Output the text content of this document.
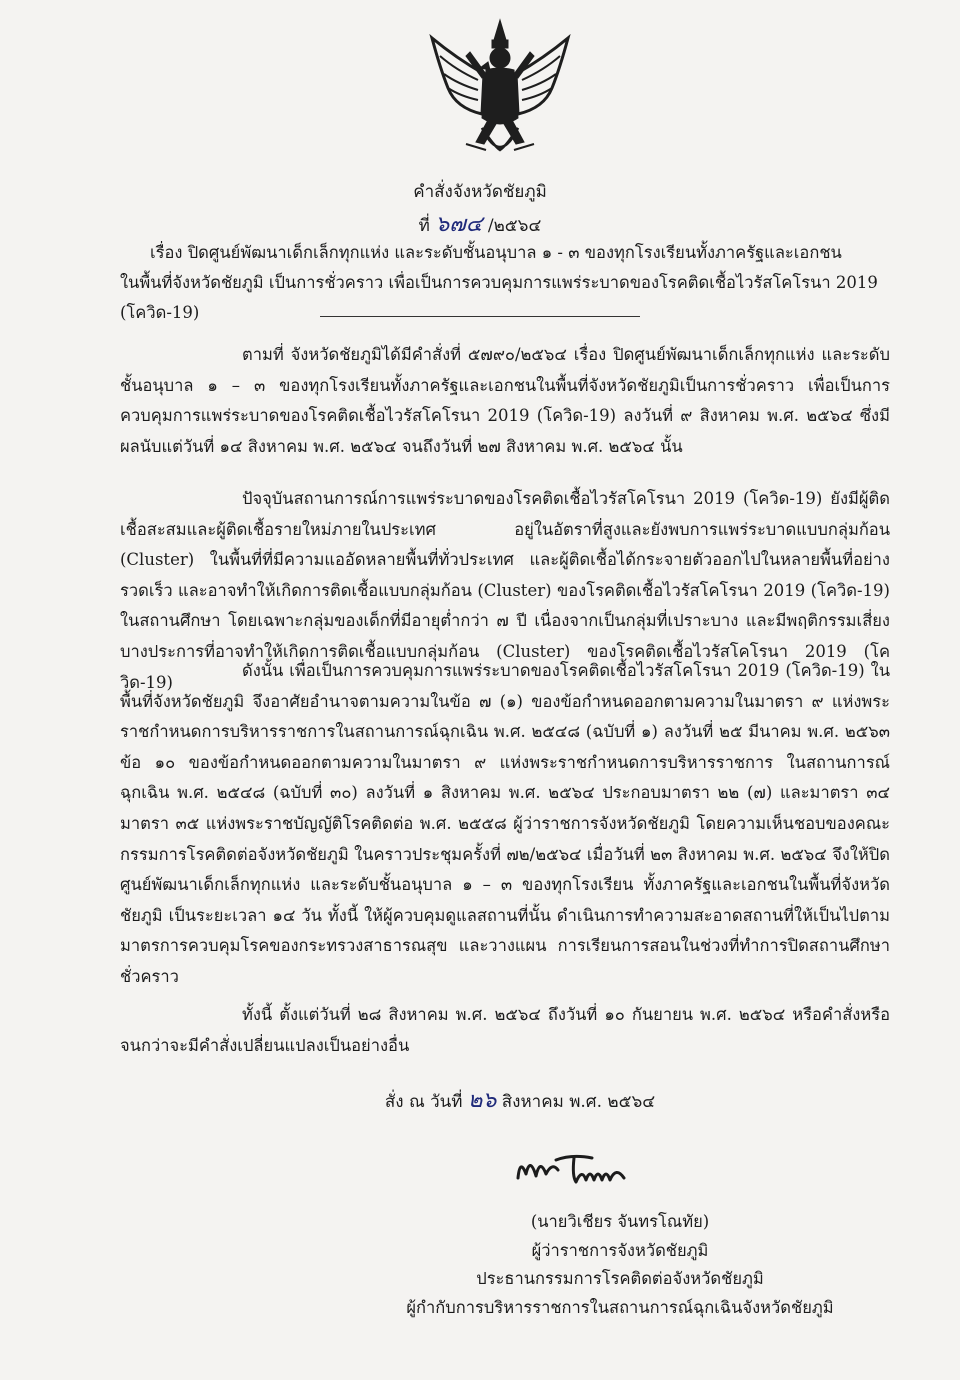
คำสั่งจังหวัดชัยภูมิ
ที่ ๖๗๔ /๒๕๖๔
เรื่อง ปิดศูนย์พัฒนาเด็กเล็กทุกแห่ง และระดับชั้นอนุบาล ๑ - ๓ ของทุกโรงเรียนทั้งภาครัฐและเอกชน
ในพื้นที่จังหวัดชัยภูมิ เป็นการชั่วคราว เพื่อเป็นการควบคุมการแพร่ระบาดของโรคติดเชื้อไวรัสโคโรนา 2019 (โควิด-19)

ตามที่ จังหวัดชัยภูมิได้มีคำสั่งที่ ๕๗๙๐/๒๕๖๔ เรื่อง ปิดศูนย์พัฒนาเด็กเล็กทุกแห่ง และระดับชั้นอนุบาล ๑ – ๓ ของทุกโรงเรียนทั้งภาครัฐและเอกชนในพื้นที่จังหวัดชัยภูมิเป็นการชั่วคราว เพื่อเป็นการควบคุมการแพร่ระบาดของโรคติดเชื้อไวรัสโคโรนา 2019 (โควิด-19) ลงวันที่ ๙ สิงหาคม พ.ศ. ๒๕๖๔ ซึ่งมีผลนับแต่วันที่ ๑๔ สิงหาคม พ.ศ. ๒๕๖๔ จนถึงวันที่ ๒๗ สิงหาคม พ.ศ. ๒๕๖๔ นั้น

ปัจจุบันสถานการณ์การแพร่ระบาดของโรคติดเชื้อไวรัสโคโรนา 2019 (โควิด-19) ยังมีผู้ติดเชื้อสะสมและผู้ติดเชื้อรายใหม่ภายในประเทศ อยู่ในอัตราที่สูงและยังพบการแพร่ระบาดแบบกลุ่มก้อน (Cluster) ในพื้นที่ที่มีความแออัดหลายพื้นที่ทั่วประเทศ และผู้ติดเชื้อได้กระจายตัวออกไปในหลายพื้นที่อย่างรวดเร็ว และอาจทำให้เกิดการติดเชื้อแบบกลุ่มก้อน (Cluster) ของโรคติดเชื้อไวรัสโคโรนา 2019 (โควิด-19) ในสถานศึกษา โดยเฉพาะกลุ่มของเด็กที่มีอายุต่ำกว่า ๗ ปี เนื่องจากเป็นกลุ่มที่เปราะบาง และมีพฤติกรรมเสี่ยงบางประการที่อาจทำให้เกิดการติดเชื้อแบบกลุ่มก้อน (Cluster) ของโรคติดเชื้อไวรัสโคโรนา 2019 (โควิด-19)

ดังนั้น เพื่อเป็นการควบคุมการแพร่ระบาดของโรคติดเชื้อไวรัสโคโรนา 2019 (โควิด-19) ในพื้นที่จังหวัดชัยภูมิ จึงอาศัยอำนาจตามความในข้อ ๗ (๑) ของข้อกำหนดออกตามความในมาตรา ๙ แห่งพระราชกำหนดการบริหารราชการในสถานการณ์ฉุกเฉิน พ.ศ. ๒๕๔๘ (ฉบับที่ ๑) ลงวันที่ ๒๕ มีนาคม พ.ศ. ๒๕๖๓ ข้อ ๑๐ ของข้อกำหนดออกตามความในมาตรา ๙ แห่งพระราชกำหนดการบริหารราชการ ในสถานการณ์ฉุกเฉิน พ.ศ. ๒๕๔๘ (ฉบับที่ ๓๐) ลงวันที่ ๑ สิงหาคม พ.ศ. ๒๕๖๔ ประกอบมาตรา ๒๒ (๗) และมาตรา ๓๔ มาตรา ๓๕ แห่งพระราชบัญญัติโรคติดต่อ พ.ศ. ๒๕๕๘ ผู้ว่าราชการจังหวัดชัยภูมิ โดยความเห็นชอบของคณะกรรมการโรคติดต่อจังหวัดชัยภูมิ ในคราวประชุมครั้งที่ ๗๒/๒๕๖๔ เมื่อวันที่ ๒๓ สิงหาคม พ.ศ. ๒๕๖๔ จึงให้ปิดศูนย์พัฒนาเด็กเล็กทุกแห่ง และระดับชั้นอนุบาล ๑ – ๓ ของทุกโรงเรียน ทั้งภาครัฐและเอกชนในพื้นที่จังหวัดชัยภูมิ เป็นระยะเวลา ๑๔ วัน ทั้งนี้ ให้ผู้ควบคุมดูแลสถานที่นั้น ดำเนินการทำความสะอาดสถานที่ให้เป็นไปตามมาตรการควบคุมโรคของกระทรวงสาธารณสุข และวางแผน การเรียนการสอนในช่วงที่ทำการปิดสถานศึกษาชั่วคราว

ทั้งนี้ ตั้งแต่วันที่ ๒๘ สิงหาคม พ.ศ. ๒๕๖๔ ถึงวันที่ ๑๐ กันยายน พ.ศ. ๒๕๖๔ หรือคำสั่งหรือจนกว่าจะมีคำสั่งเปลี่ยนแปลงเป็นอย่างอื่น

สั่ง ณ วันที่ ๒๖ สิงหาคม พ.ศ. ๒๕๖๔
(นายวิเชียร จันทรโณทัย)
ผู้ว่าราชการจังหวัดชัยภูมิ
ประธานกรรมการโรคติดต่อจังหวัดชัยภูมิ
ผู้กำกับการบริหารราชการในสถานการณ์ฉุกเฉินจังหวัดชัยภูมิ
